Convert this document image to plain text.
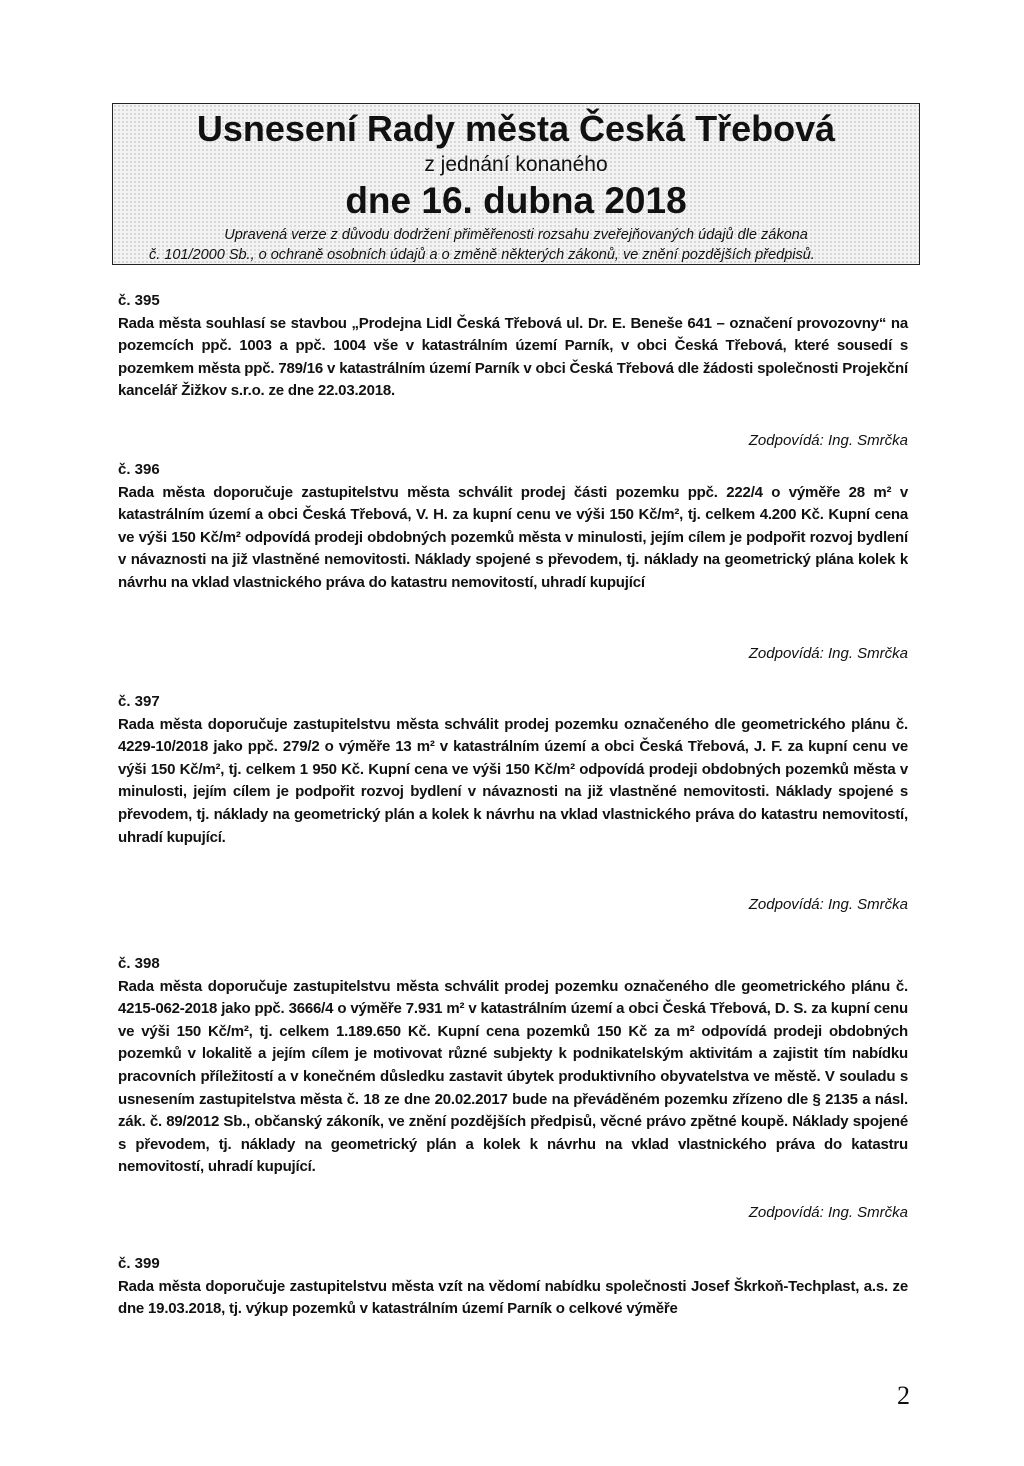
Usnesení Rady města Česká Třebová
z jednání konaného
dne 16. dubna 2018
Upravená verze z důvodu dodržení přiměřenosti rozsahu zveřejňovaných údajů dle zákona
č. 101/2000 Sb., o ochraně osobních údajů a o změně některých zákonů, ve znění pozdějších předpisů.
č. 395
Rada města souhlasí se stavbou „Prodejna Lidl Česká Třebová ul. Dr. E. Beneše 641 – označení provozovny“ na pozemcích ppč. 1003 a ppč. 1004 vše v katastrálním území Parník, v obci Česká Třebová, které sousedí s pozemkem města ppč. 789/16 v katastrálním území Parník v obci Česká Třebová dle žádosti společnosti Projekční kancelář Žižkov s.r.o. ze dne 22.03.2018.
Zodpovídá: Ing. Smrčka
č. 396
Rada města doporučuje zastupitelstvu města schválit prodej části pozemku ppč. 222/4 o výměře 28 m² v katastrálním území a obci Česká Třebová, V. H. za kupní cenu ve výši 150 Kč/m², tj. celkem 4.200 Kč. Kupní cena ve výši 150 Kč/m² odpovídá prodeji obdobných pozemků města v minulosti, jejím cílem je podpořit rozvoj bydlení v návaznosti na již vlastněné nemovitosti. Náklady spojené s převodem, tj. náklady na geometrický plána kolek k návrhu na vklad vlastnického práva do katastru nemovitostí, uhradí kupující
Zodpovídá: Ing. Smrčka
č. 397
Rada města doporučuje zastupitelstvu města schválit prodej pozemku označeného dle geometrického plánu č. 4229-10/2018 jako ppč. 279/2 o výměře 13 m² v katastrálním území a obci Česká Třebová, J. F. za kupní cenu ve výši 150 Kč/m², tj. celkem 1 950 Kč. Kupní cena ve výši 150 Kč/m² odpovídá prodeji obdobných pozemků města v minulosti, jejím cílem je podpořit rozvoj bydlení v návaznosti na již vlastněné nemovitosti. Náklady spojené s převodem, tj. náklady na geometrický plán a kolek k návrhu na vklad vlastnického práva do katastru nemovitostí, uhradí kupující.
Zodpovídá: Ing. Smrčka
č. 398
Rada města doporučuje zastupitelstvu města schválit prodej pozemku označeného dle geometrického plánu č. 4215-062-2018 jako ppč. 3666/4 o výměře 7.931 m² v katastrálním území a obci Česká Třebová, D. S. za kupní cenu ve výši 150 Kč/m², tj. celkem 1.189.650 Kč. Kupní cena pozemků 150 Kč za m² odpovídá prodeji obdobných pozemků v lokalitě a jejím cílem je motivovat různé subjekty k podnikatelským aktivitám a zajistit tím nabídku pracovních příležitostí a v konečném důsledku zastavit úbytek produktivního obyvatelstva ve městě. V souladu s usnesením zastupitelstva města č. 18 ze dne 20.02.2017 bude na převáděném pozemku zřízeno dle § 2135 a násl. zák. č. 89/2012 Sb., občanský zákoník, ve znění pozdějších předpisů, věcné právo zpětné koupě. Náklady spojené s převodem, tj. náklady na geometrický plán a kolek k návrhu na vklad vlastnického práva do katastru nemovitostí, uhradí kupující.
Zodpovídá: Ing. Smrčka
č. 399
Rada města doporučuje zastupitelstvu města vzít na vědomí nabídku společnosti Josef Škrkoň-Techplast, a.s. ze dne 19.03.2018, tj. výkup pozemků v katastrálním území Parník o celkové výměře
2
